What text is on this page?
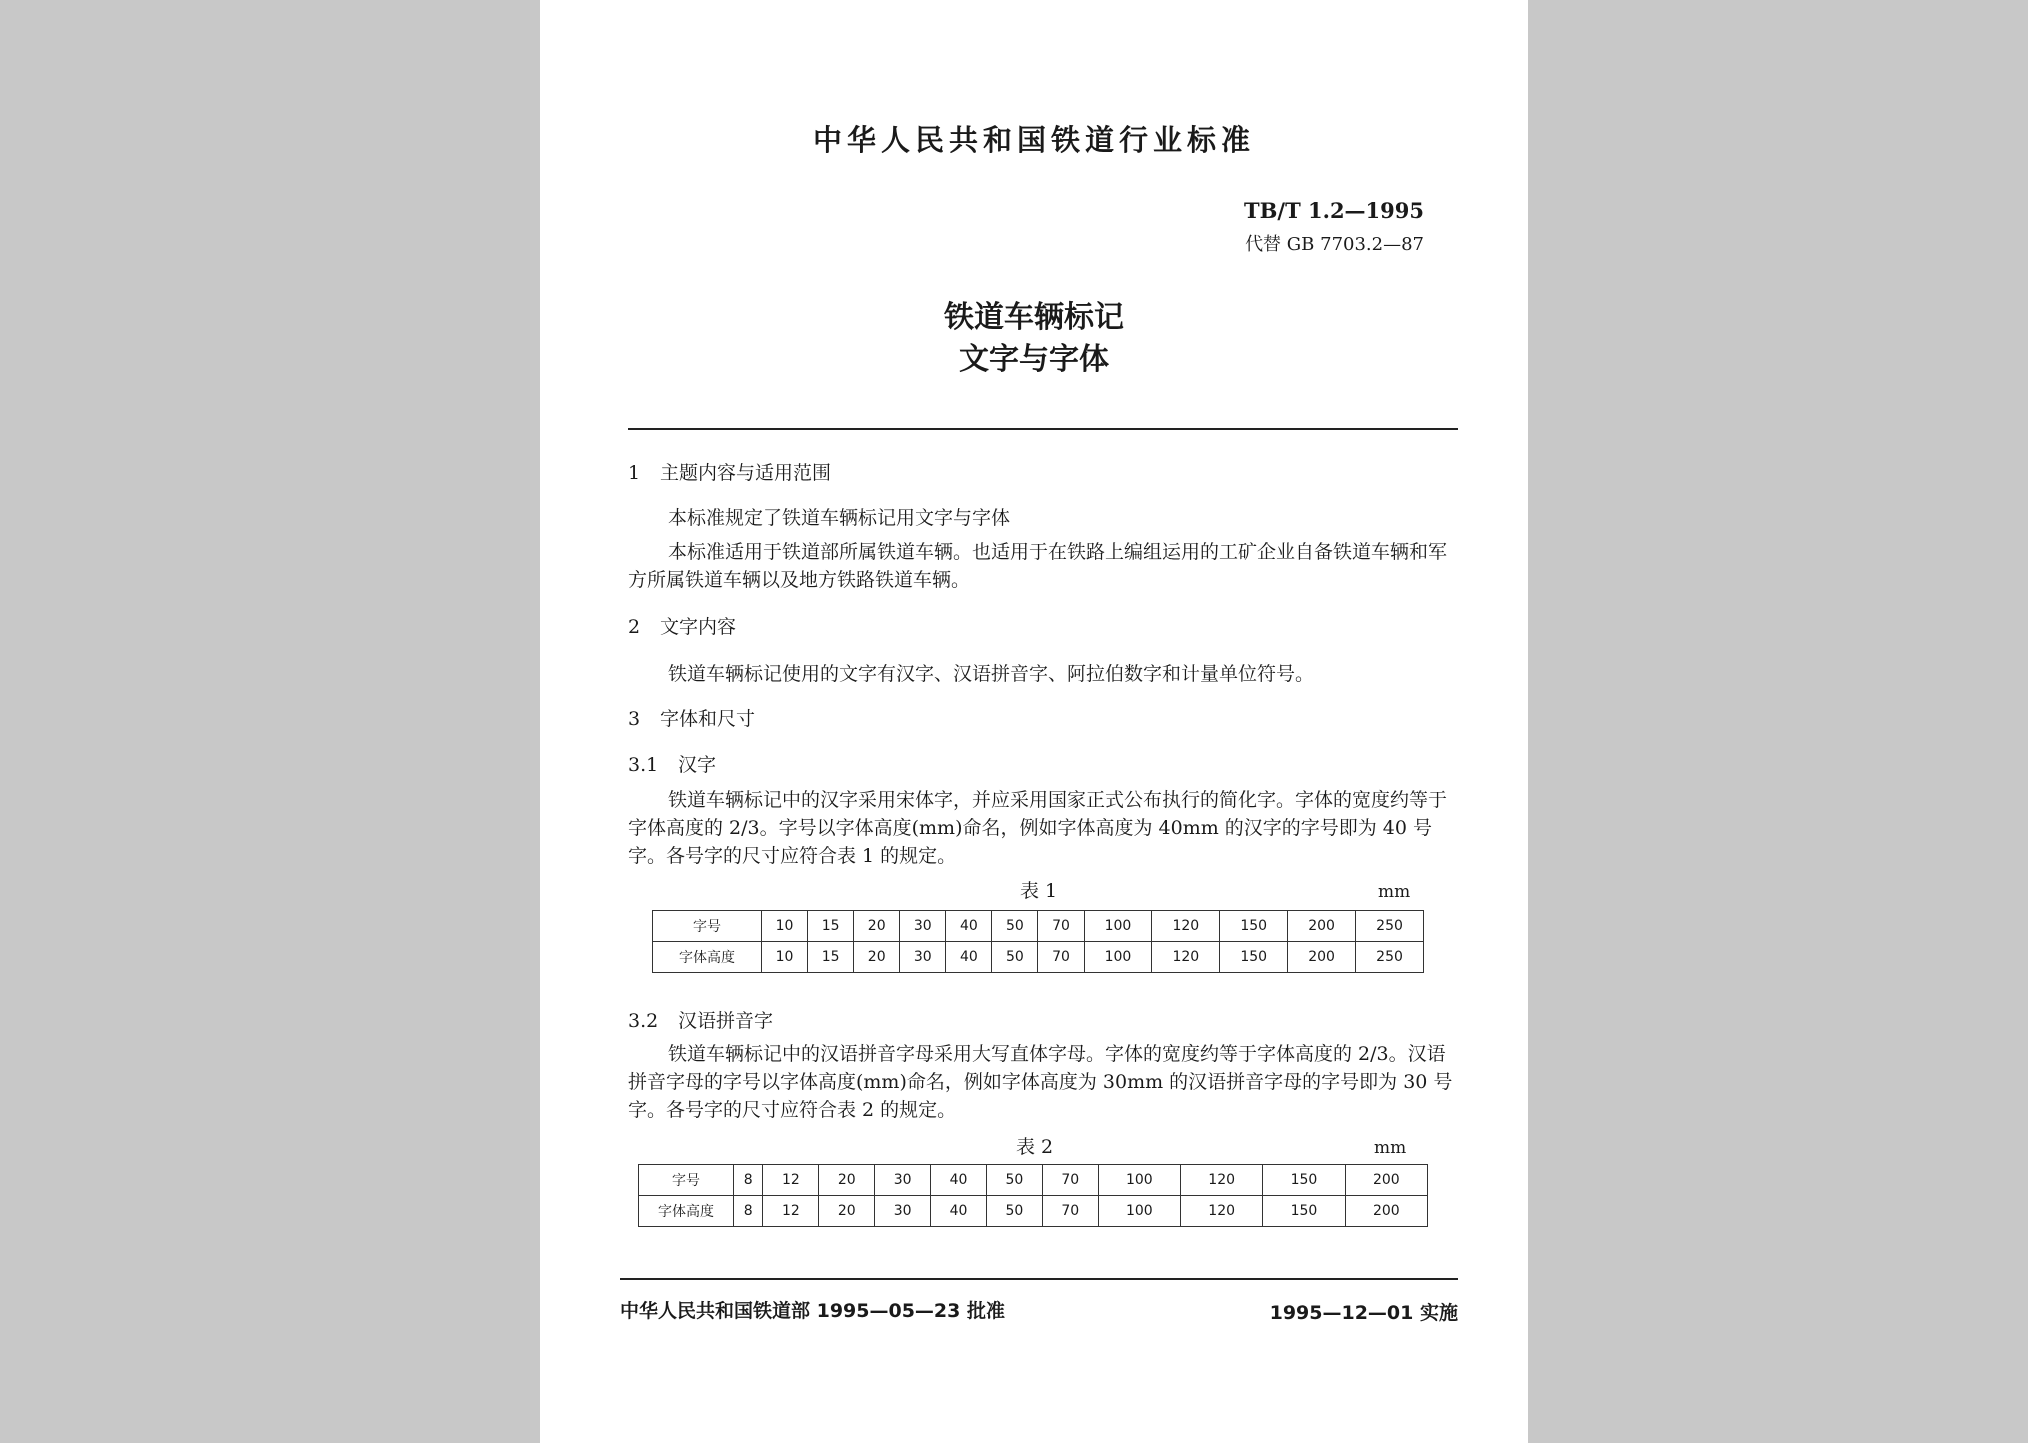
中华人民共和国铁道行业标准
TB/T 1.2—1995
代替 GB 7703.2—87
铁道车辆标记
文字与字体
1 主题内容与适用范围
本标准规定了铁道车辆标记用文字与字体
本标准适用于铁道部所属铁道车辆。也适用于在铁路上编组运用的工矿企业自备铁道车辆和军方所属铁道车辆以及地方铁路铁道车辆。
2 文字内容
铁道车辆标记使用的文字有汉字、汉语拼音字、阿拉伯数字和计量单位符号。
3 字体和尺寸
3.1 汉字
铁道车辆标记中的汉字采用宋体字，并应采用国家正式公布执行的简化字。字体的宽度约等于字体高度的 2/3。字号以字体高度(mm)命名，例如字体高度为 40mm 的汉字的字号即为 40 号字。各号字的尺寸应符合表 1 的规定。
表 1	mm
字号	10	15	20	30	40	50	70	100	120	150	200	250
字体高度	10	15	20	30	40	50	70	100	120	150	200	250
3.2 汉语拼音字
铁道车辆标记中的汉语拼音字母采用大写直体字母。字体的宽度约等于字体高度的 2/3。汉语拼音字母的字号以字体高度(mm)命名，例如字体高度为 30mm 的汉语拼音字母的字号即为 30 号字。各号字的尺寸应符合表 2 的规定。
表 2	mm
字号	8	12	20	30	40	50	70	100	120	150	200
字体高度	8	12	20	30	40	50	70	100	120	150	200
中华人民共和国铁道部 1995—05—23 批准	1995—12—01 实施
